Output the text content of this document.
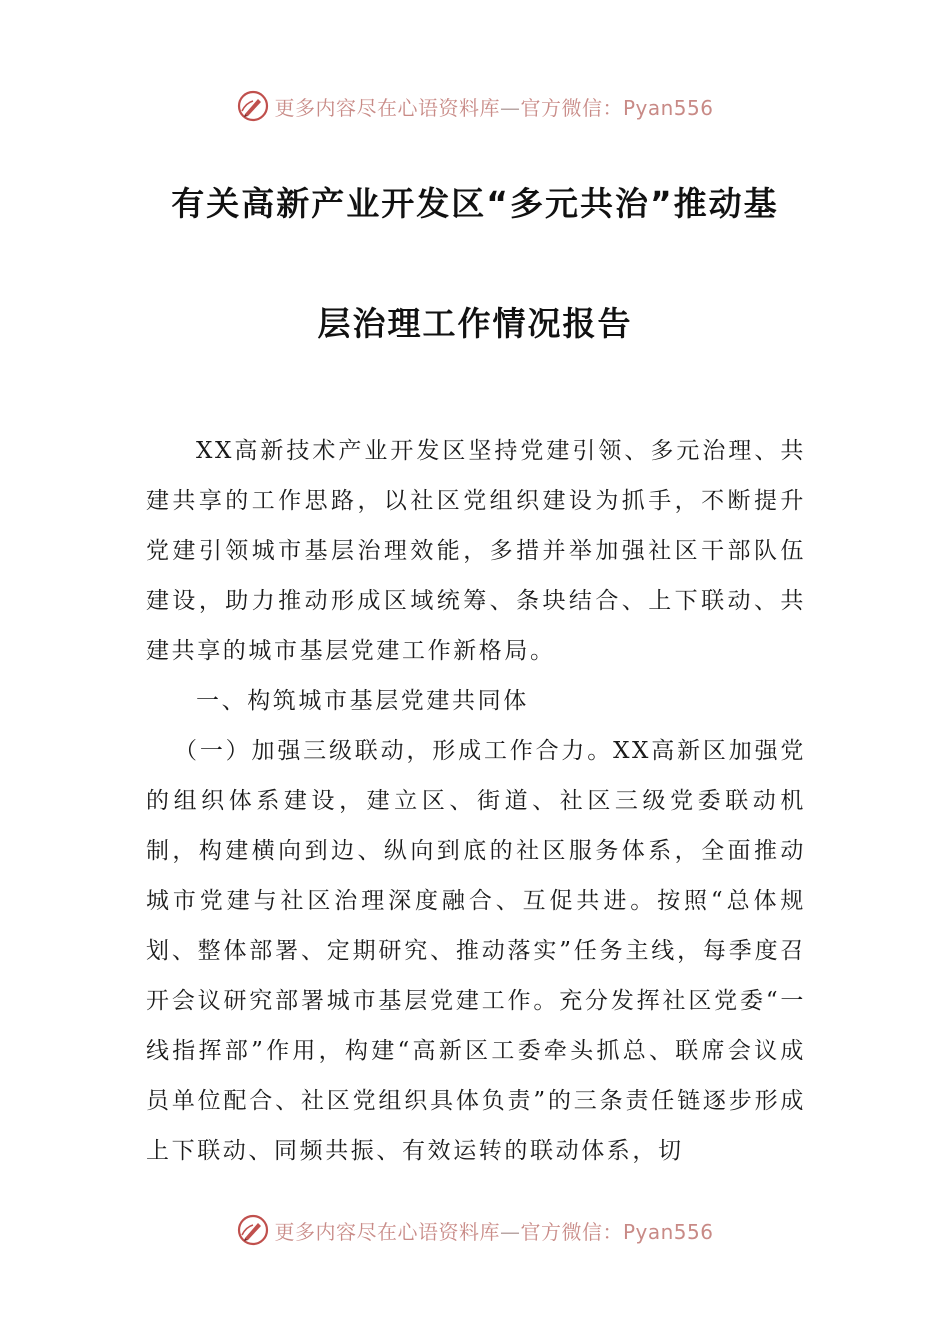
更多内容尽在心语资料库—官方微信：Pyan556
有关高新产业开发区“多元共治”推动基
层治理工作情况报告

XX高新技术产业开发区坚持党建引领、多元治理、共建共享的工作思路，以社区党组织建设为抓手，不断提升党建引领城市基层治理效能，多措并举加强社区干部队伍建设，助力推动形成区域统筹、条块结合、上下联动、共建共享的城市基层党建工作新格局。

一、构筑城市基层党建共同体

（一）加强三级联动，形成工作合力。XX高新区加强党的组织体系建设，建立区、街道、社区三级党委联动机制，构建横向到边、纵向到底的社区服务体系，全面推动城市党建与社区治理深度融合、互促共进。按照“总体规划、整体部署、定期研究、推动落实”任务主线，每季度召开会议研究部署城市基层党建工作。充分发挥社区党委“一线指挥部”作用，构建“高新区工委牵头抓总、联席会议成员单位配合、社区党组织具体负责”的三条责任链逐步形成上下联动、同频共振、有效运转的联动体系，切

更多内容尽在心语资料库—官方微信：Pyan556
